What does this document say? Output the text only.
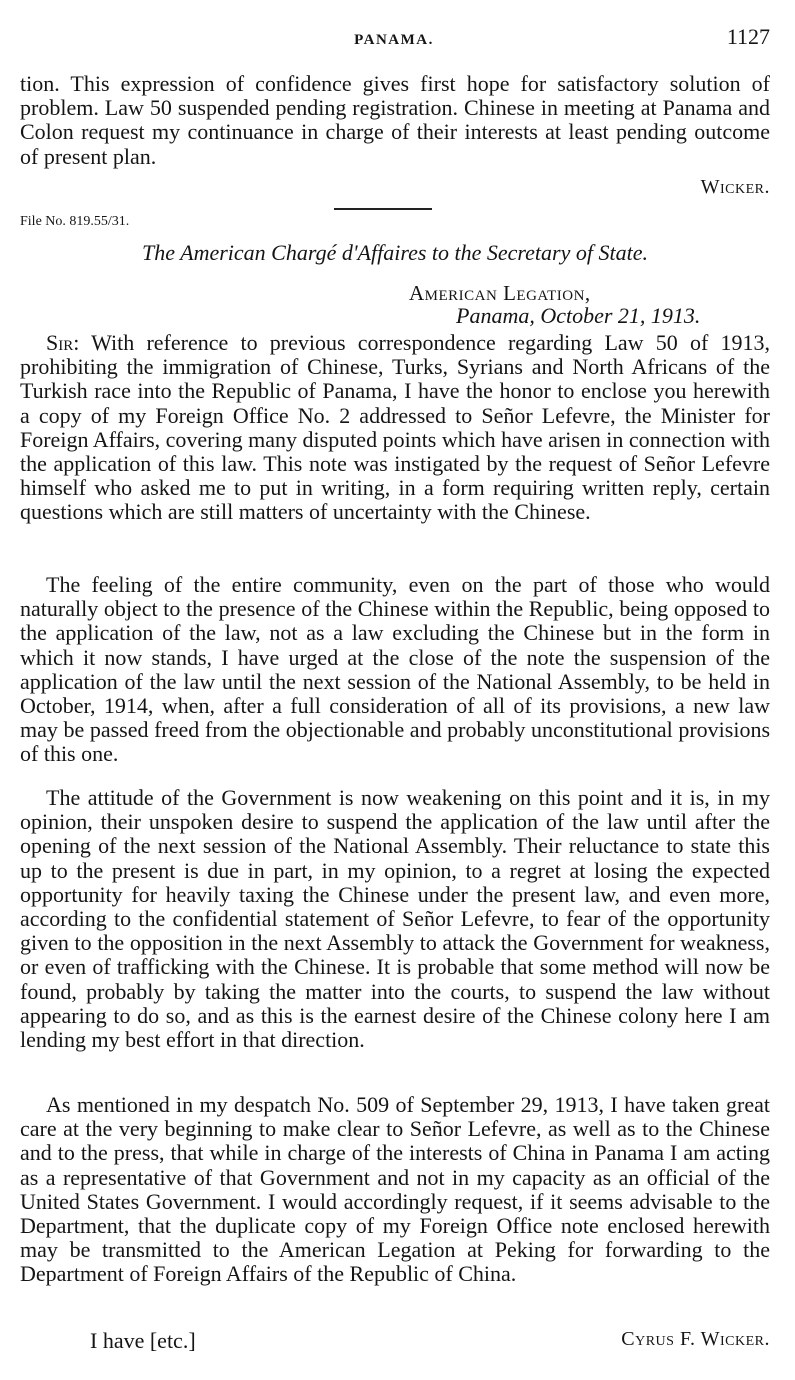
PANAMA.	1127

tion. This expression of confidence gives first hope for satisfactory solution of problem. Law 50 suspended pending registration. Chinese in meeting at Panama and Colon request my continuance in charge of their interests at least pending outcome of present plan.

Wicker.
File No. 819.55/31.
The American Chargé d'Affaires to the Secretary of State.
American Legation,
Panama, October 21, 1913.

Sir: With reference to previous correspondence regarding Law 50 of 1913, prohibiting the immigration of Chinese, Turks, Syrians and North Africans of the Turkish race into the Republic of Panama, I have the honor to enclose you herewith a copy of my Foreign Office No. 2 addressed to Señor Lefevre, the Minister for Foreign Affairs, covering many disputed points which have arisen in connection with the application of this law. This note was instigated by the request of Señor Lefevre himself who asked me to put in writing, in a form requiring written reply, certain questions which are still matters of uncertainty with the Chinese.

The feeling of the entire community, even on the part of those who would naturally object to the presence of the Chinese within the Republic, being opposed to the application of the law, not as a law excluding the Chinese but in the form in which it now stands, I have urged at the close of the note the suspension of the application of the law until the next session of the National Assembly, to be held in October, 1914, when, after a full consideration of all of its provisions, a new law may be passed freed from the objectionable and probably unconstitutional provisions of this one.

The attitude of the Government is now weakening on this point and it is, in my opinion, their unspoken desire to suspend the application of the law until after the opening of the next session of the National Assembly. Their reluctance to state this up to the present is due in part, in my opinion, to a regret at losing the expected opportunity for heavily taxing the Chinese under the present law, and even more, according to the confidential statement of Señor Lefevre, to fear of the opportunity given to the opposition in the next Assembly to attack the Government for weakness, or even of trafficking with the Chinese. It is probable that some method will now be found, probably by taking the matter into the courts, to suspend the law without appearing to do so, and as this is the earnest desire of the Chinese colony here I am lending my best effort in that direction.

As mentioned in my despatch No. 509 of September 29, 1913, I have taken great care at the very beginning to make clear to Señor Lefevre, as well as to the Chinese and to the press, that while in charge of the interests of China in Panama I am acting as a representative of that Government and not in my capacity as an official of the United States Government. I would accordingly request, if it seems advisable to the Department, that the duplicate copy of my Foreign Office note enclosed herewith may be transmitted to the American Legation at Peking for forwarding to the Department of Foreign Affairs of the Republic of China.

I have [etc.]	Cyrus F. Wicker.
